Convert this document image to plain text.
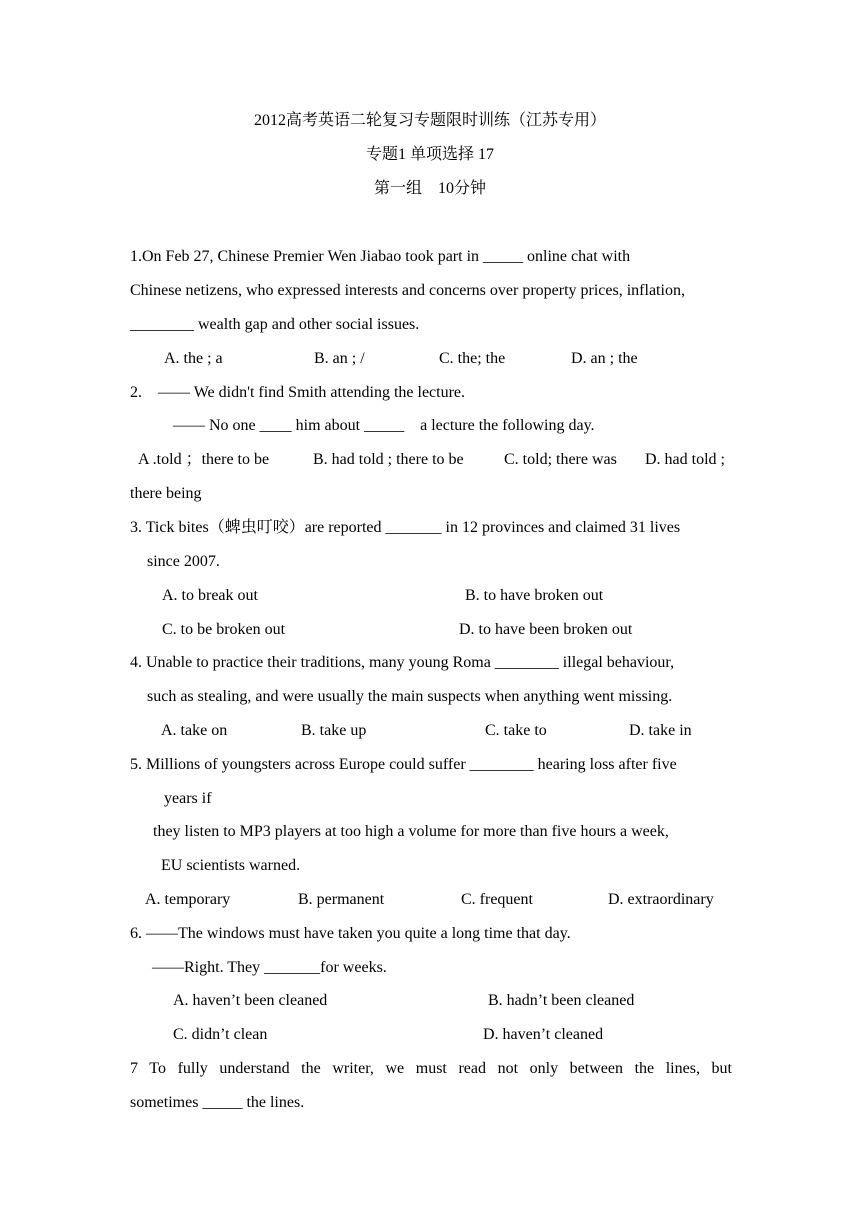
2012高考英语二轮复习专题限时训练（江苏专用）
专题1 单项选择 17
第一组　10分钟
1.On Feb 27, Chinese Premier Wen Jiabao took part in _____ online chat with
Chinese netizens, who expressed interests and concerns over property prices, inflation,
________ wealth gap and other social issues.
A. the ; a	B. an ; /	C. the; the	D. an ; the
2.　—— We didn't find Smith attending the lecture.
—— No one ____ him about _____　a lecture the following day.
A .told ；there to be	B. had told ; there to be	C. told; there was D. had told ;
there being
3. Tick bites（蜱虫叮咬）are reported _______ in 12 provinces and claimed 31 lives
since 2007.
A. to break out	B. to have broken out
C. to be broken out	D. to have been broken out
4. Unable to practice their traditions, many young Roma ________ illegal behaviour,
such as stealing, and were usually the main suspects when anything went missing.
A. take on	B. take up	C. take to	D. take in
5. Millions of youngsters across Europe could suffer ________ hearing loss after five
years if
they listen to MP3 players at too high a volume for more than five hours a week,
EU scientists warned.
A. temporary	B. permanent	C. frequent	D. extraordinary
6. ——The windows must have taken you quite a long time that day.
——Right. They _______for weeks.
A. haven’t been cleaned	B. hadn’t been cleaned
C. didn’t clean	D. haven’t cleaned
7 To fully understand the writer, we must read not only between the lines, but
sometimes _____ the lines.
